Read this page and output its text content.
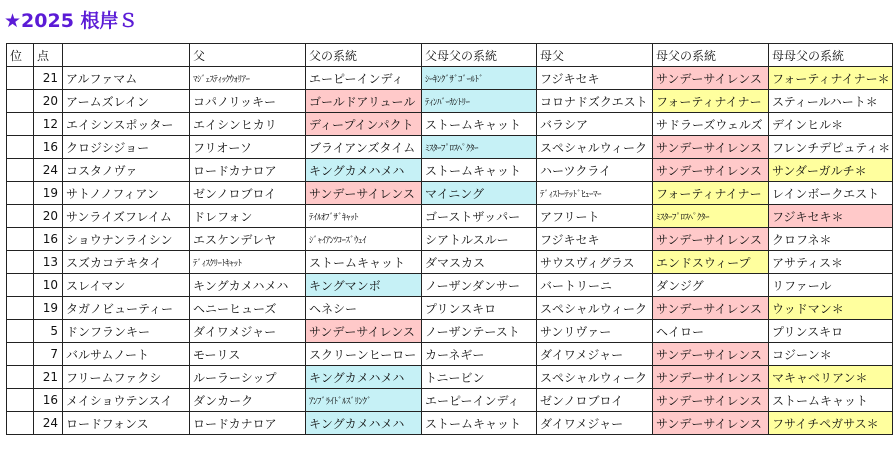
★2025 根岸Ｓ
位	点		父	父の系統	父母父の系統	母父	母父の系統	母母父の系統
	21	アルファマム	ﾏｼﾞｪｽﾃｨｯｸｳｫﾘｱｰ	エーピーインディ	ｼｰｷﾝｸﾞｻﾞｺﾞｰﾙﾄﾞ	フジキセキ	サンデーサイレンス	フォーティナイナー＊
	20	アームズレイン	コパノリッキー	ゴールドアリュール	ﾃｨﾝﾊﾞｰｶﾝﾄﾘｰ	コロナドズクエスト	フォーティナイナー	スティールハート＊
	12	エイシンスポッター	エイシンヒカリ	ディープインパクト	ストームキャット	バラシア	サドラーズウェルズ	デインヒル＊
	16	クロジシジョー	フリオーソ	ブライアンズタイム	ﾐｽﾀｰﾌﾟﾛｽﾍﾟｸﾀｰ	スペシャルウィーク	サンデーサイレンス	フレンチデピュティ＊
	24	コスタノヴァ	ロードカナロア	キングカメハメハ	ストームキャット	ハーツクライ	サンデーサイレンス	サンダーガルチ＊
	19	サトノノフィアン	ゼンノロブロイ	サンデーサイレンス	マイニング	ﾃﾞｨｽﾄｰﾃｯﾄﾞﾋｭｰﾏｰ	フォーティナイナー	レインボークエスト
	20	サンライズフレイム	ドレフォン	ﾃｲﾙｵﾌﾞｻﾞｷｬｯﾄ	ゴーストザッパー	アフリート	ﾐｽﾀｰﾌﾟﾛｽﾍﾟｸﾀｰ	フジキセキ＊
	16	ショウナンライシン	エスケンデレヤ	ｼﾞｬｲｱﾝﾂｺｰｽﾞｳｪｲ	シアトルスルー	フジキセキ	サンデーサイレンス	クロフネ＊
	13	スズカコテキタイ	ﾃﾞｨｽｸﾘｰﾄｷｬｯﾄ	ストームキャット	ダマスカス	サウスヴィグラス	エンドスウィープ	アサティス＊
	10	スレイマン	キングカメハメハ	キングマンボ	ノーザンダンサー	バートリーニ	ダンジグ	リファール
	19	タガノビューティー	ヘニーヒューズ	ヘネシー	プリンスキロ	スペシャルウィーク	サンデーサイレンス	ウッドマン＊
	5	ドンフランキー	ダイワメジャー	サンデーサイレンス	ノーザンテースト	サンリヴァー	ヘイロー	プリンスキロ
	7	バルサムノート	モーリス	スクリーンヒーロー	カーネギー	ダイワメジャー	サンデーサイレンス	コジーン＊
	21	フリームファクシ	ルーラーシップ	キングカメハメハ	トニービン	スペシャルウィーク	サンデーサイレンス	マキャベリアン＊
	16	メイショウテンスイ	ダンカーク	ｱﾝﾌﾞﾗｲﾄﾞﾙｽﾞﾘﾝｸﾞ	エーピーインディ	ゼンノロブロイ	サンデーサイレンス	ストームキャット
	24	ロードフォンス	ロードカナロア	キングカメハメハ	ストームキャット	ダイワメジャー	サンデーサイレンス	フサイチペガサス＊
